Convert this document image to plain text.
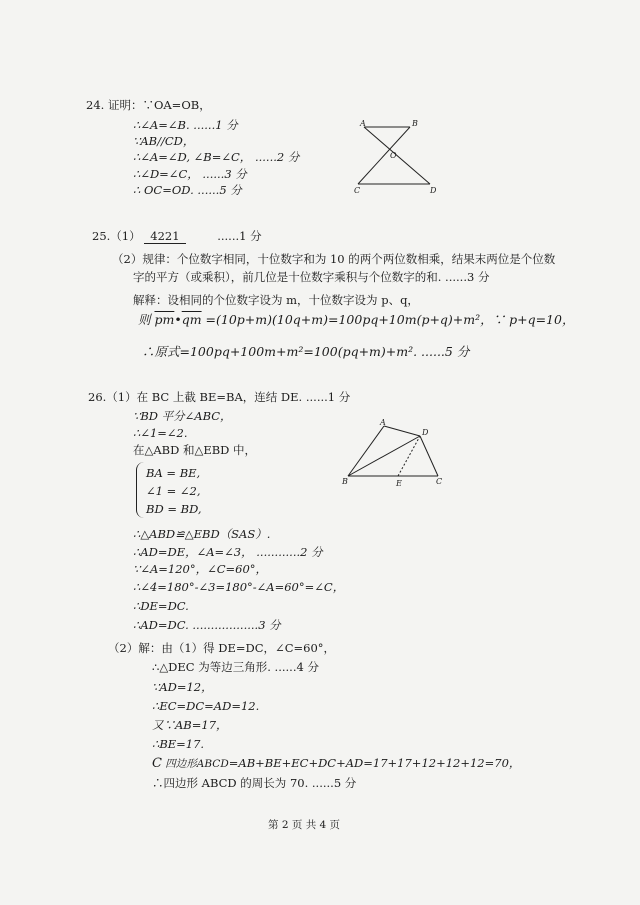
24. 证明：∵OA=OB，
∴∠A=∠B. ......1 分
∵AB//CD，
∴∠A=∠D, ∠B=∠C， ......2 分
∴∠D=∠C， ......3 分
∴ OC=OD. ......5 分
A	B
O
C	D
25.（1） 4221	......1 分
（2）规律：个位数字相同，十位数字和为 10 的两个两位数相乘，结果末两位是个位数
字的平方（或乘积），前几位是十位数字乘积与个位数字的和. ......3 分
解释：设相同的个位数字设为 m，十位数字设为 p、q，
则 $\overline{pm}•\overline{qm} =(10p+m)(10q+m)=100pq+10m(p+q)+m^2$，∵ p+q=10，
∴原式=100pq+100m+m²=100(pq+m)+m². ......5 分
26.（1）在 BC 上截 BE=BA，连结 DE. ......1 分
∵BD 平分∠ABC，
∴∠1=∠2.
在△ABD 和△EBD 中，
BA = BE,
∠1 = ∠2,
BD = BD,
∴△ABD≌△EBD（SAS）.
∴AD=DE，∠A=∠3， ............2 分
∵∠A=120°，∠C=60°，
∴∠4=180°-∠3=180°-∠A=60°=∠C，
∴DE=DC.
∴AD=DC. ..................3 分
A
D
B	E	C
（2）解：由（1）得 DE=DC，∠C=60°，
∴△DEC 为等边三角形. ......4 分
∵AD=12，
∴EC=DC=AD=12.
又∵AB=17，
∴BE=17.
C 四边形ABCD=AB+BE+EC+DC+AD=17+17+12+12+12=70，
∴四边形 ABCD 的周长为 70. ......5 分
第 2 页 共 4 页
